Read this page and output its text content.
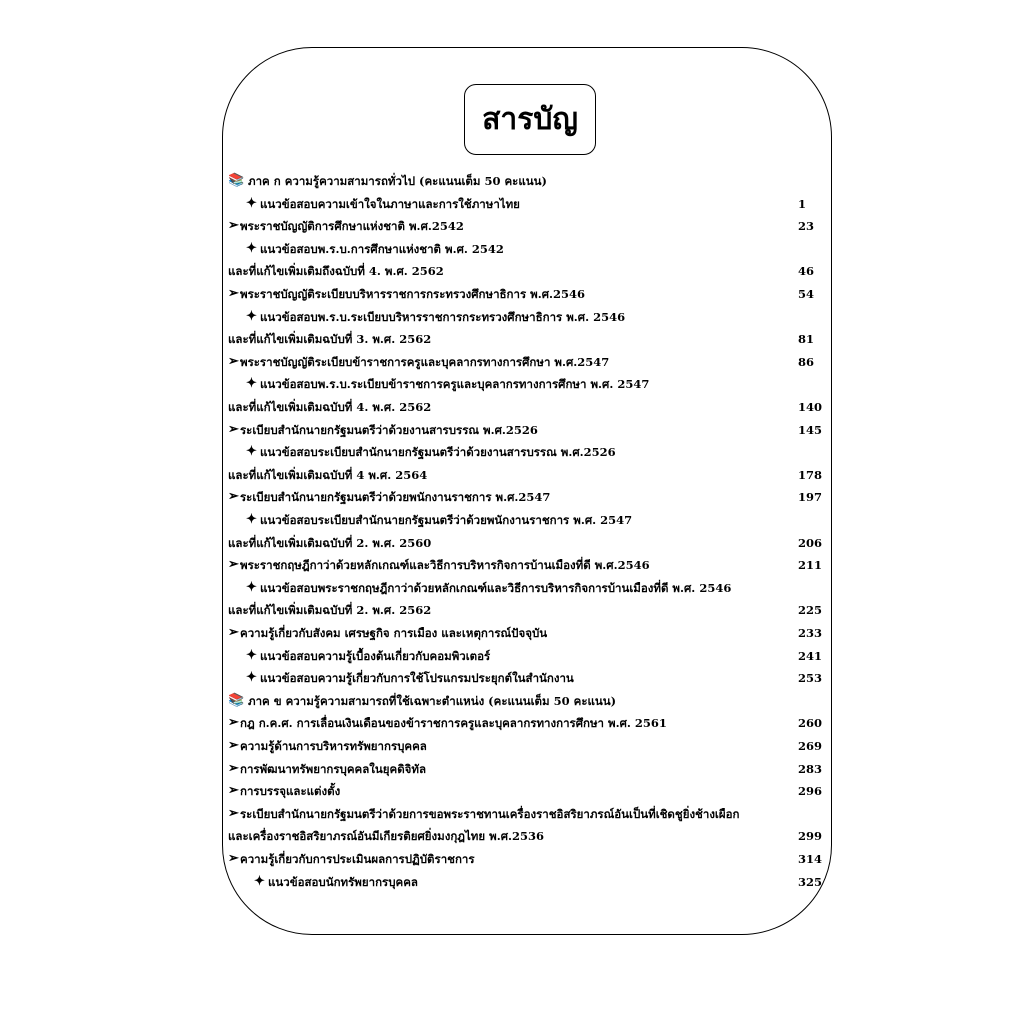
สารบัญ
📚 ภาค ก ความรู้ความสามารถทั่วไป (คะแนนเต็ม 50 คะแนน)
✦ แนวข้อสอบความเข้าใจในภาษาและการใช้ภาษาไทย	1
➢ พระราชบัญญัติการศึกษาแห่งชาติ พ.ศ.2542	23
✦ แนวข้อสอบพ.ร.บ.การศึกษาแห่งชาติ พ.ศ. 2542
และที่แก้ไขเพิ่มเติมถึงฉบับที่ 4. พ.ศ. 2562	46
➢ พระราชบัญญัติระเบียบบริหารราชการกระทรวงศึกษาธิการ พ.ศ.2546	54
✦ แนวข้อสอบพ.ร.บ.ระเบียบบริหารราชการกระทรวงศึกษาธิการ พ.ศ. 2546
และที่แก้ไขเพิ่มเติมฉบับที่ 3. พ.ศ. 2562	81
➢ พระราชบัญญัติระเบียบข้าราชการครูและบุคลากรทางการศึกษา พ.ศ.2547	86
✦ แนวข้อสอบพ.ร.บ.ระเบียบข้าราชการครูและบุคลากรทางการศึกษา พ.ศ. 2547
และที่แก้ไขเพิ่มเติมฉบับที่ 4. พ.ศ. 2562	140
➢ ระเบียบสำนักนายกรัฐมนตรีว่าด้วยงานสารบรรณ พ.ศ.2526	145
✦ แนวข้อสอบระเบียบสำนักนายกรัฐมนตรีว่าด้วยงานสารบรรณ พ.ศ.2526
และที่แก้ไขเพิ่มเติมฉบับที่ 4 พ.ศ. 2564	178
➢ ระเบียบสำนักนายกรัฐมนตรีว่าด้วยพนักงานราชการ พ.ศ.2547	197
✦ แนวข้อสอบระเบียบสำนักนายกรัฐมนตรีว่าด้วยพนักงานราชการ พ.ศ. 2547
และที่แก้ไขเพิ่มเติมฉบับที่ 2. พ.ศ. 2560	206
➢ พระราชกฤษฎีกาว่าด้วยหลักเกณฑ์และวิธีการบริหารกิจการบ้านเมืองที่ดี พ.ศ.2546	211
✦ แนวข้อสอบพระราชกฤษฎีกาว่าด้วยหลักเกณฑ์และวิธีการบริหารกิจการบ้านเมืองที่ดี พ.ศ. 2546
และที่แก้ไขเพิ่มเติมฉบับที่ 2. พ.ศ. 2562	225
➢ ความรู้เกี่ยวกับสังคม เศรษฐกิจ การเมือง และเหตุการณ์ปัจจุบัน	233
✦ แนวข้อสอบความรู้เบื้องต้นเกี่ยวกับคอมพิวเตอร์	241
✦ แนวข้อสอบความรู้เกี่ยวกับการใช้โปรแกรมประยุกต์ในสำนักงาน	253
📚 ภาค ข ความรู้ความสามารถที่ใช้เฉพาะตำแหน่ง (คะแนนเต็ม 50 คะแนน)
➢ กฎ ก.ค.ศ. การเลื่อนเงินเดือนของข้าราชการครูและบุคลากรทางการศึกษา พ.ศ. 2561	260
➢ ความรู้ด้านการบริหารทรัพยากรบุคคล	269
➢ การพัฒนาทรัพยากรบุคคลในยุคดิจิทัล	283
➢ การบรรจุและแต่งตั้ง	296
➢ ระเบียบสำนักนายกรัฐมนตรีว่าด้วยการขอพระราชทานเครื่องราชอิสริยาภรณ์อันเป็นที่เชิดชูยิ่งช้างเผือก
และเครื่องราชอิสริยาภรณ์อันมีเกียรติยศยิ่งมงกุฎไทย พ.ศ.2536	299
➢ ความรู้เกี่ยวกับการประเมินผลการปฏิบัติราชการ	314
✦ แนวข้อสอบนักทรัพยากรบุคคล	325
